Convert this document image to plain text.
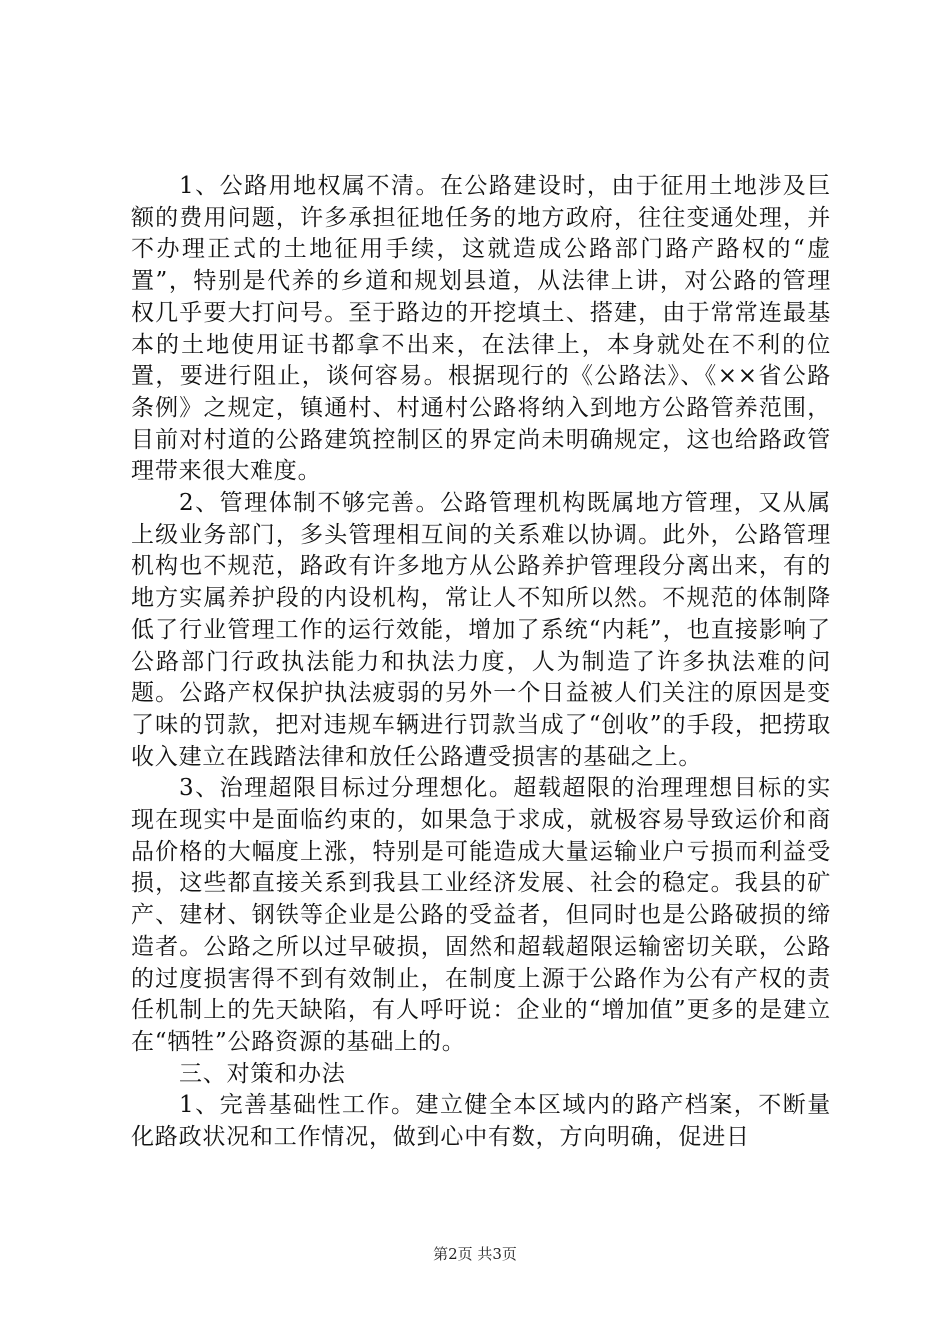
1、公路用地权属不清。在公路建设时，由于征用土地涉及巨额的费用问题，许多承担征地任务的地方政府，往往变通处理，并不办理正式的土地征用手续，这就造成公路部门路产路权的“虚置”，特别是代养的乡道和规划县道，从法律上讲，对公路的管理权几乎要大打问号。至于路边的开挖填土、搭建，由于常常连最基本的土地使用证书都拿不出来，在法律上，本身就处在不利的位置，要进行阻止，谈何容易。根据现行的《公路法》、《××省公路条例》之规定，镇通村、村通村公路将纳入到地方公路管养范围，目前对村道的公路建筑控制区的界定尚未明确规定，这也给路政管理带来很大难度。

2、管理体制不够完善。公路管理机构既属地方管理，又从属上级业务部门，多头管理相互间的关系难以协调。此外，公路管理机构也不规范，路政有许多地方从公路养护管理段分离出来，有的地方实属养护段的内设机构，常让人不知所以然。不规范的体制降低了行业管理工作的运行效能，增加了系统“内耗”，也直接影响了公路部门行政执法能力和执法力度，人为制造了许多执法难的问题。公路产权保护执法疲弱的另外一个日益被人们关注的原因是变了味的罚款，把对违规车辆进行罚款当成了“创收”的手段，把捞取收入建立在践踏法律和放任公路遭受损害的基础之上。

3、治理超限目标过分理想化。超载超限的治理理想目标的实现在现实中是面临约束的，如果急于求成，就极容易导致运价和商品价格的大幅度上涨，特别是可能造成大量运输业户亏损而利益受损，这些都直接关系到我县工业经济发展、社会的稳定。我县的矿产、建材、钢铁等企业是公路的受益者，但同时也是公路破损的缔造者。公路之所以过早破损，固然和超载超限运输密切关联，公路的过度损害得不到有效制止，在制度上源于公路作为公有产权的责任机制上的先天缺陷，有人呼吁说：企业的“增加值”更多的是建立在“牺牲”公路资源的基础上的。

三、对策和办法

1、完善基础性工作。建立健全本区域内的路产档案，不断量化路政状况和工作情况，做到心中有数，方向明确，促进日

第2页 共3页
